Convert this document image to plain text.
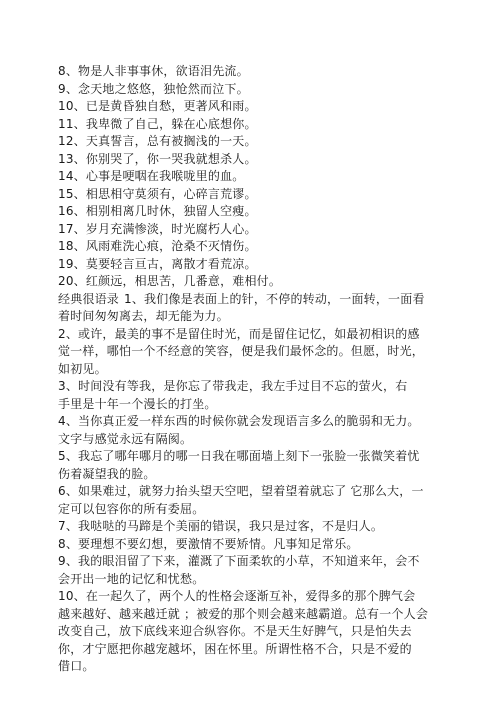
8、物是人非事事休，欲语泪先流。
9、念天地之悠悠，独怆然而泣下。
10、已是黄昏独自愁，更著风和雨。
11、我卑微了自己，躲在心底想你。
12、天真誓言，总有被搁浅的一天。
13、你别哭了，你一哭我就想杀人。
14、心事是哽咽在我喉咙里的血。
15、相思相守莫须有，心碎言荒谬。
16、相别相离几时休，独留人空瘦。
17、岁月充满惨淡，时光腐朽人心。
18、风雨难洗心痕，沧桑不灭情伤。
19、莫要轻言亘古，离散才看荒凉。
20、红颜远，相思苦，几番意，难相付。
经典很语录 1、我们像是表面上的针，不停的转动，一面转，一面看
着时间匆匆离去，却无能为力。
2、或许，最美的事不是留住时光，而是留住记忆，如最初相识的感
觉一样，哪怕一个不经意的笑容，便是我们最怀念的。但愿，时光，
如初见。
3、时间没有等我，是你忘了带我走，我左手过目不忘的萤火，右
手里是十年一个漫长的打坐。
4、当你真正爱一样东西的时候你就会发现语言多么的脆弱和无力。
文字与感觉永远有隔阂。
5、我忘了哪年哪月的哪一日我在哪面墙上刻下一张脸一张微笑着忧
伤着凝望我的脸。
6、如果难过，就努力抬头望天空吧，望着望着就忘了 它那么大，一
定可以包容你的所有委屈。
7、我哒哒的马蹄是个美丽的错误，我只是过客，不是归人。
8、要理想不要幻想，要激情不要矫情。凡事知足常乐。
9、我的眼泪留了下来，灌溉了下面柔软的小草，不知道来年，会不
会开出一地的记忆和忧愁。
10、在一起久了，两个人的性格会逐渐互补，爱得多的那个脾气会
越来越好、越来越迁就 ；被爱的那个则会越来越霸道。总有一个人会
改变自己，放下底线来迎合纵容你。不是天生好脾气，只是怕失去
你，才宁愿把你越宠越坏，困在怀里。所谓性格不合，只是不爱的
借口。
